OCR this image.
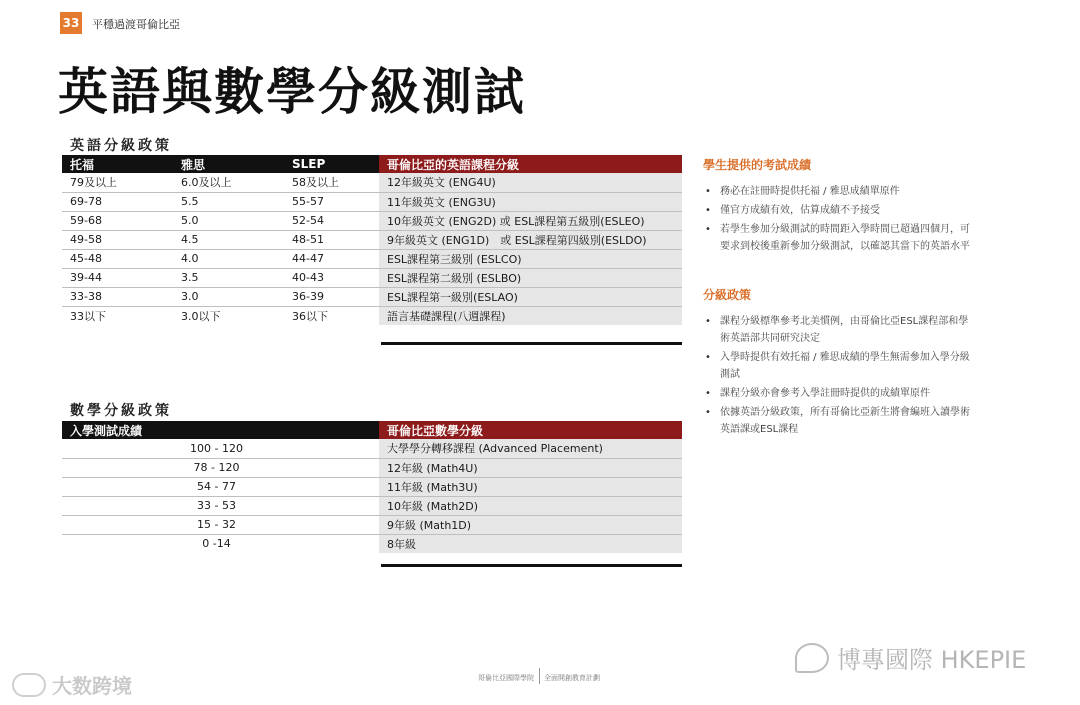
33 平穩過渡哥倫比亞
英語與數學分級測試
英語分級政策
托福	雅思	SLEP	哥倫比亞的英語課程分級
79及以上	6.0及以上	58及以上	12年級英文 (ENG4U)
69-78	5.5	55-57	11年級英文 (ENG3U)
59-68	5.0	52-54	10年級英文 (ENG2D) 或 ESL課程第五級別(ESLEO)
49-58	4.5	48-51	9年級英文 (ENG1D)　或 ESL課程第四級別(ESLDO)
45-48	4.0	44-47	ESL課程第三級別 (ESLCO)
39-44	3.5	40-43	ESL課程第二級別 (ESLBO)
33-38	3.0	36-39	ESL課程第一級別(ESLAO)
33以下	3.0以下	36以下	語言基礎課程(八週課程)
數學分級政策
入學測試成績	哥倫比亞數學分級
100 - 120	大學學分轉移課程 (Advanced Placement)
78 - 120	12年級 (Math4U)
54 - 77	11年級 (Math3U)
33 - 53	10年級 (Math2D)
15 - 32	9年級 (Math1D)
0 -14	8年級
學生提供的考試成績
• 務必在註冊時提供托福 / 雅思成績單原件
• 僅官方成績有效，估算成績不予接受
• 若學生參加分級測試的時間距入學時間已超過四個月，可要求到校後重新參加分級測試，以確認其當下的英語水平
分級政策
• 課程分級標準參考北美慣例，由哥倫比亞ESL課程部和學術英語部共同研究決定
• 入學時提供有效托福 / 雅思成績的學生無需參加入學分級測試
• 課程分級亦會參考入學註冊時提供的成績單原件
• 依據英語分級政策，所有哥倫比亞新生將會編班入讀學術英語課或ESL課程
哥倫比亞國際學院 全面開創教育計劃
博專國際 HKEPIE
大数跨境
